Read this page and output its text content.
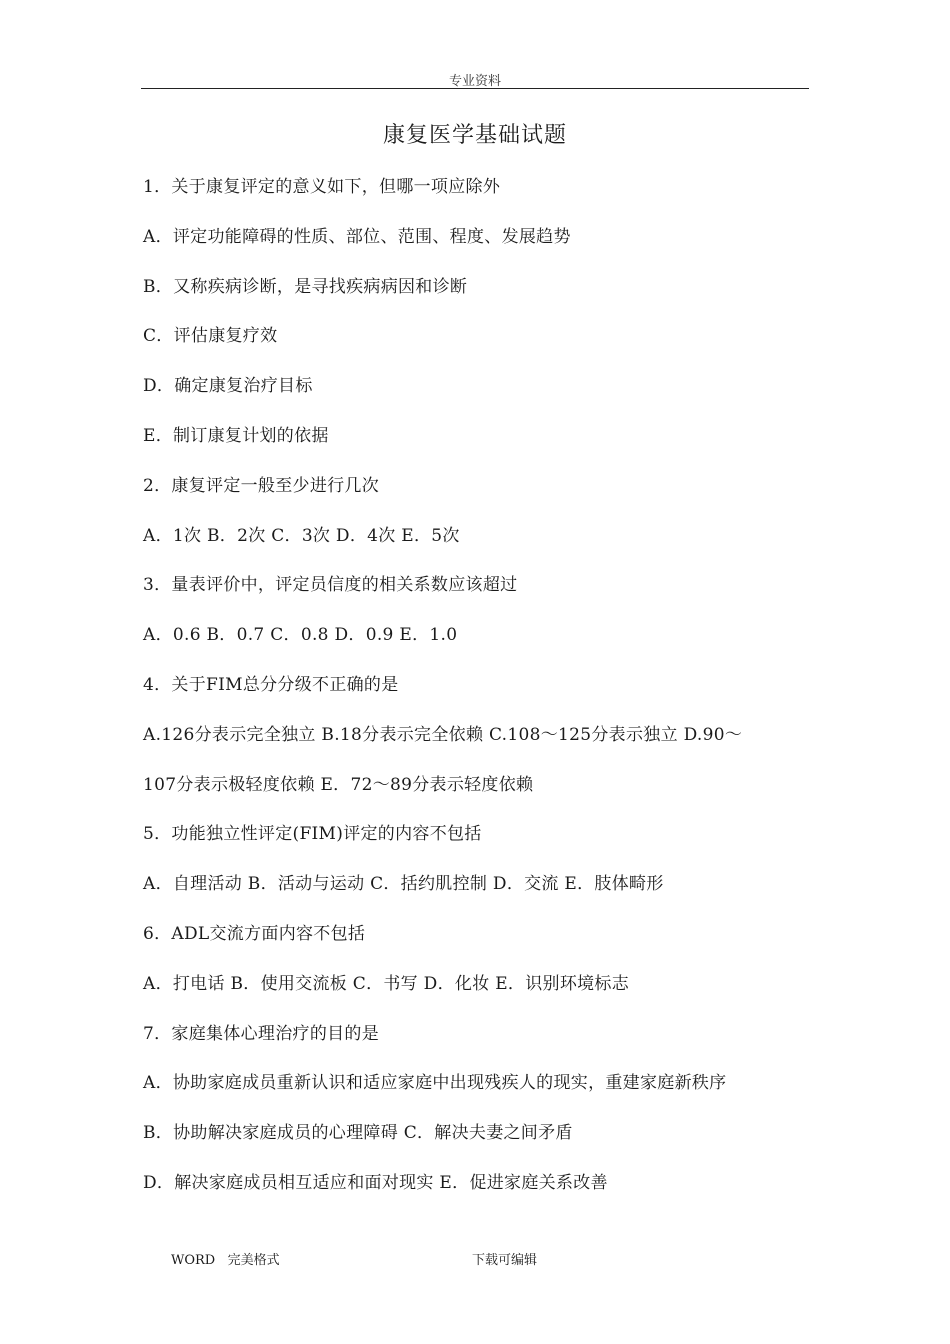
专业资料
康复医学基础试题
1．关于康复评定的意义如下，但哪一项应除外
A．评定功能障碍的性质、部位、范围、程度、发展趋势
B．又称疾病诊断，是寻找疾病病因和诊断
C．评估康复疗效
D．确定康复治疗目标
E．制订康复计划的依据
2．康复评定一般至少进行几次
A．1次 B．2次 C．3次 D．4次 E．5次
3．量表评价中，评定员信度的相关系数应该超过
A．0.6 B．0.7 C．0.8 D．0.9 E．1.0
4．关于FIM总分分级不正确的是
A.126分表示完全独立 B.18分表示完全依赖 C.108～125分表示独立 D.90～
107分表示极轻度依赖 E．72～89分表示轻度依赖
5．功能独立性评定(FIM)评定的内容不包括
A．自理活动 B．活动与运动 C．括约肌控制 D．交流 E．肢体畸形
6．ADL交流方面内容不包括
A．打电话 B．使用交流板 C．书写 D．化妆 E．识别环境标志
7．家庭集体心理治疗的目的是
A．协助家庭成员重新认识和适应家庭中出现残疾人的现实，重建家庭新秩序
B．协助解决家庭成员的心理障碍 C．解决夫妻之间矛盾
D．解决家庭成员相互适应和面对现实 E．促进家庭关系改善
WORD   完美格式	下载可编辑
